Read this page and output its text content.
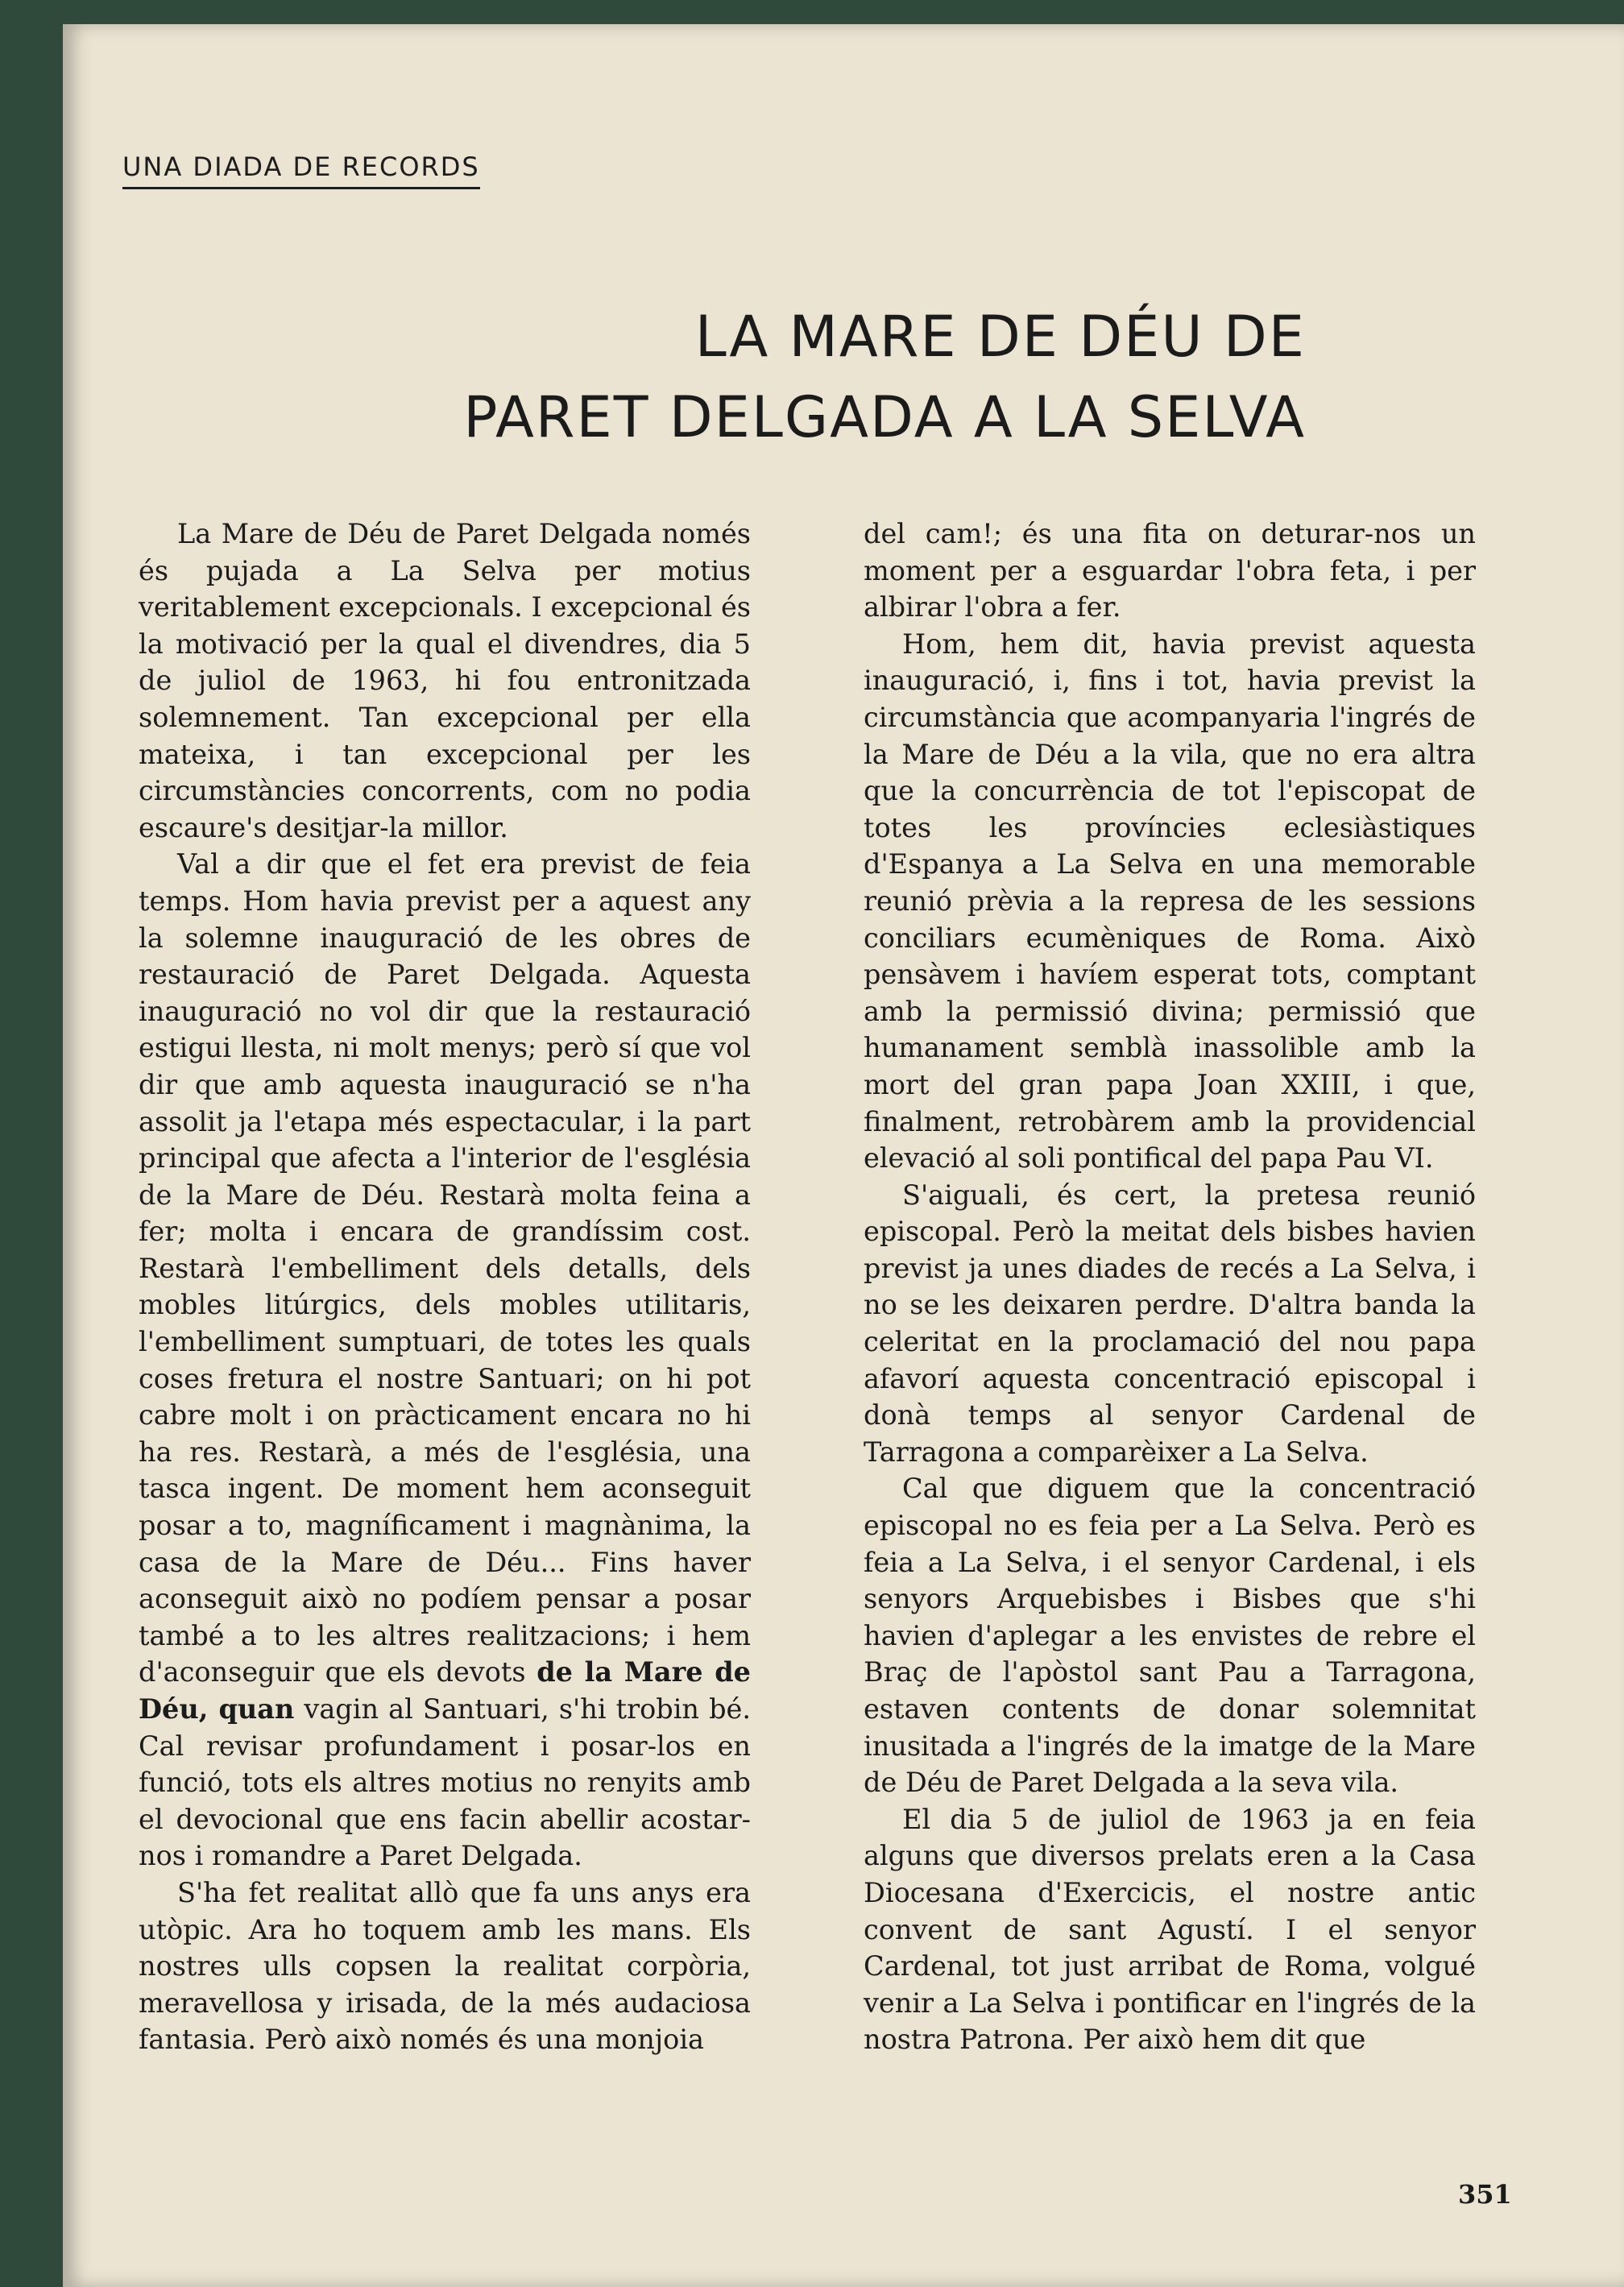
UNA DIADA DE RECORDS
LA MARE DE DÉU DE
PARET DELGADA A LA SELVA

La Mare de Déu de Paret Delgada només és pujada a La Selva per motius veritablement excepcionals. I excepcional és la motivació per la qual el divendres, dia 5 de juliol de 1963, hi fou entronitzada solemnement. Tan excepcional per ella mateixa, i tan excepcional per les circumstàncies concorrents, com no podia escaure's desitjar-la millor.

Val a dir que el fet era previst de feia temps. Hom havia previst per a aquest any la solemne inauguració de les obres de restauració de Paret Delgada. Aquesta inauguració no vol dir que la restauració estigui llesta, ni molt menys; però sí que vol dir que amb aquesta inauguració se n'ha assolit ja l'etapa més espectacular, i la part principal que afecta a l'interior de l'església de la Mare de Déu. Restarà molta feina a fer; molta i encara de grandíssim cost. Restarà l'embelliment dels detalls, dels mobles litúrgics, dels mobles utilitaris, l'embelliment sumptuari, de totes les quals coses fretura el nostre Santuari; on hi pot cabre molt i on pràcticament encara no hi ha res. Restarà, a més de l'església, una tasca ingent. De moment hem aconseguit posar a to, magníficament i magnànima, la casa de la Mare de Déu... Fins haver aconseguit això no podíem pensar a posar també a to les altres realitzacions; i hem d'aconseguir que els devots de la Mare de Déu, quan vagin al Santuari, s'hi trobin bé. Cal revisar profundament i posar-los en funció, tots els altres motius no renyits amb el devocional que ens facin abellir acostar-nos i romandre a Paret Delgada.

S'ha fet realitat allò que fa uns anys era utòpic. Ara ho toquem amb les mans. Els nostres ulls copsen la realitat corpòria, meravellosa y irisada, de la més audaciosa fantasia. Però això només és una monjoia

del cam!; és una fita on deturar-nos un moment per a esguardar l'obra feta, i per albirar l'obra a fer.

Hom, hem dit, havia previst aquesta inauguració, i, fins i tot, havia previst la circumstància que acompanyaria l'ingrés de la Mare de Déu a la vila, que no era altra que la concurrència de tot l'episcopat de totes les províncies eclesiàstiques d'Espanya a La Selva en una memorable reunió prèvia a la represa de les sessions conciliars ecumèniques de Roma. Això pensàvem i havíem esperat tots, comptant amb la permissió divina; permissió que humanament semblà inassolible amb la mort del gran papa Joan XXIII, i que, finalment, retrobàrem amb la providencial elevació al soli pontifical del papa Pau VI.

S'aiguali, és cert, la pretesa reunió episcopal. Però la meitat dels bisbes havien previst ja unes diades de recés a La Selva, i no se les deixaren perdre. D'altra banda la celeritat en la proclamació del nou papa afavorí aquesta concentració episcopal i donà temps al senyor Cardenal de Tarragona a comparèixer a La Selva.

Cal que diguem que la concentració episcopal no es feia per a La Selva. Però es feia a La Selva, i el senyor Cardenal, i els senyors Arquebisbes i Bisbes que s'hi havien d'aplegar a les envistes de rebre el Braç de l'apòstol sant Pau a Tarragona, estaven contents de donar solemnitat inusitada a l'ingrés de la imatge de la Mare de Déu de Paret Delgada a la seva vila.

El dia 5 de juliol de 1963 ja en feia alguns que diversos prelats eren a la Casa Diocesana d'Exercicis, el nostre antic convent de sant Agustí. I el senyor Cardenal, tot just arribat de Roma, volgué venir a La Selva i pontificar en l'ingrés de la nostra Patrona. Per això hem dit que

351
